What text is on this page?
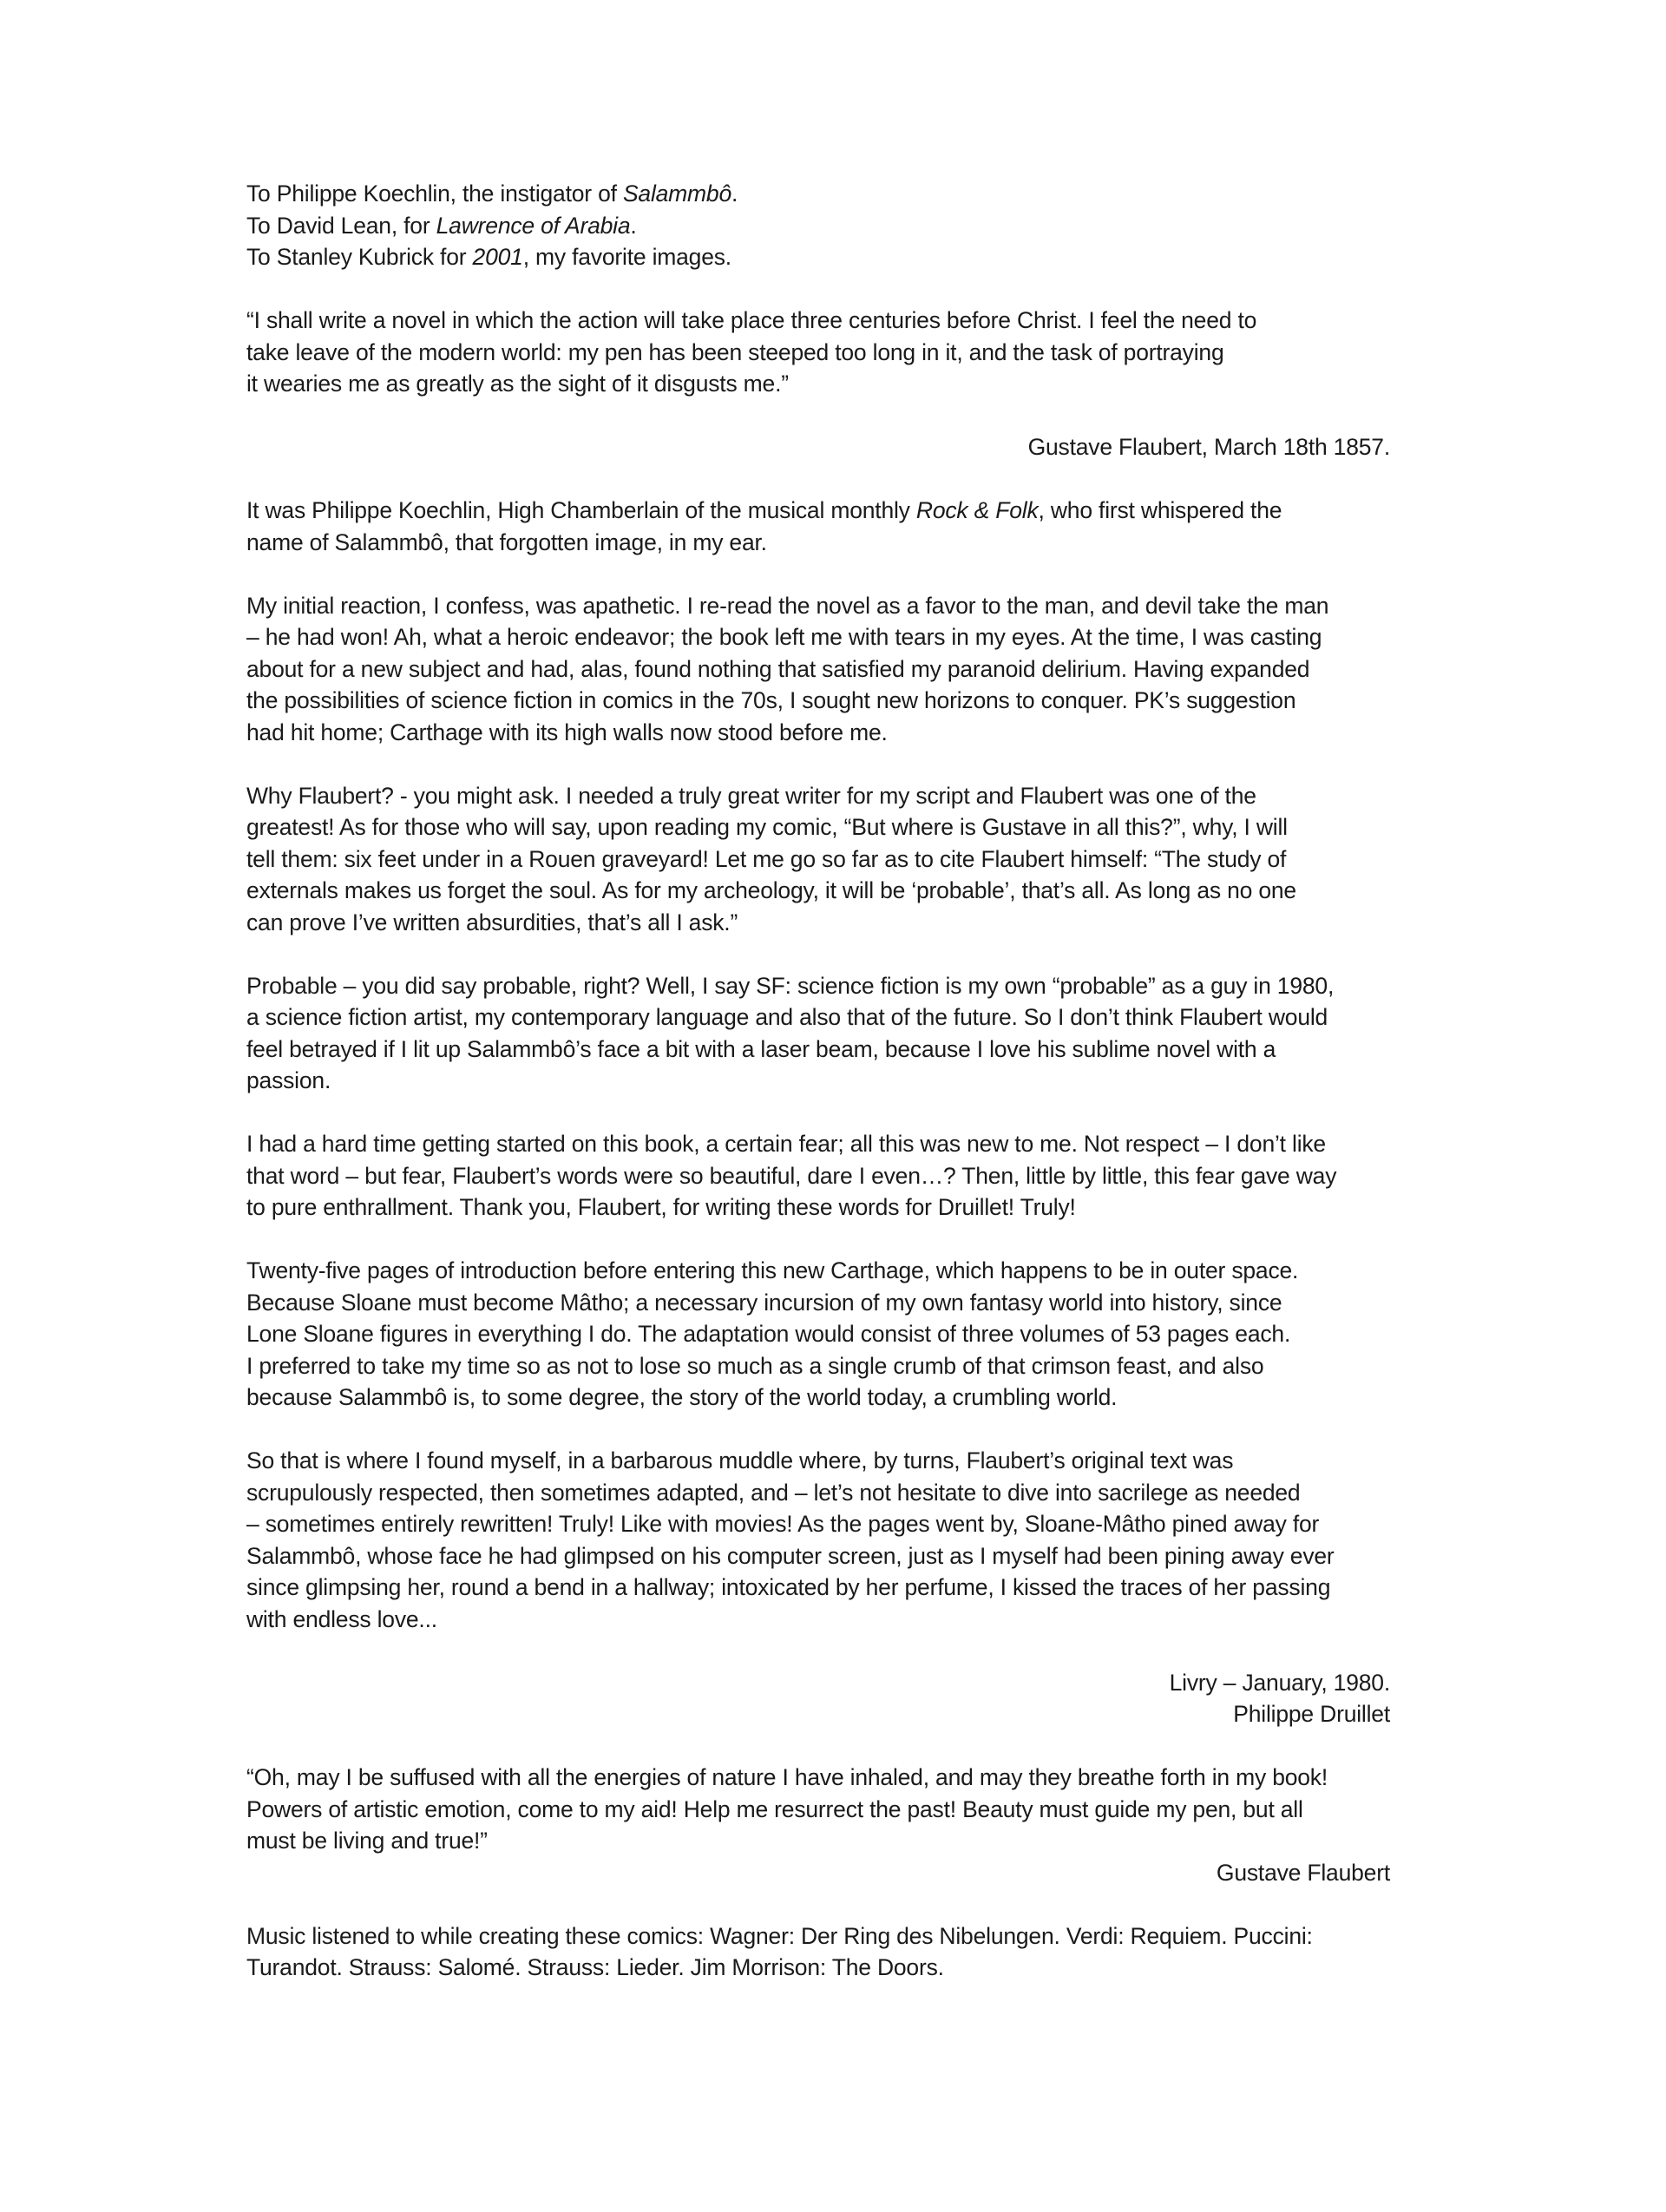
To Philippe Koechlin, the instigator of Salammbô.
To David Lean, for Lawrence of Arabia.
To Stanley Kubrick for 2001, my favorite images.

“I shall write a novel in which the action will take place three centuries before Christ. I feel the need to
take leave of the modern world: my pen has been steeped too long in it, and the task of portraying
it wearies me as greatly as the sight of it disgusts me.”

Gustave Flaubert, March 18th 1857.

It was Philippe Koechlin, High Chamberlain of the musical monthly Rock & Folk, who first whispered the
name of Salammbô, that forgotten image, in my ear.

My initial reaction, I confess, was apathetic. I re-read the novel as a favor to the man, and devil take the man
– he had won! Ah, what a heroic endeavor; the book left me with tears in my eyes. At the time, I was casting
about for a new subject and had, alas, found nothing that satisfied my paranoid delirium. Having expanded
the possibilities of science fiction in comics in the 70s, I sought new horizons to conquer. PK’s suggestion
had hit home; Carthage with its high walls now stood before me.

Why Flaubert? - you might ask. I needed a truly great writer for my script and Flaubert was one of the
greatest! As for those who will say, upon reading my comic, “But where is Gustave in all this?”, why, I will
tell them: six feet under in a Rouen graveyard! Let me go so far as to cite Flaubert himself: “The study of
externals makes us forget the soul. As for my archeology, it will be ‘probable’, that’s all. As long as no one
can prove I’ve written absurdities, that’s all I ask.”

Probable – you did say probable, right? Well, I say SF: science fiction is my own “probable” as a guy in 1980,
a science fiction artist, my contemporary language and also that of the future. So I don’t think Flaubert would
feel betrayed if I lit up Salammbô’s face a bit with a laser beam, because I love his sublime novel with a
passion.

I had a hard time getting started on this book, a certain fear; all this was new to me. Not respect – I don’t like
that word – but fear, Flaubert’s words were so beautiful, dare I even…? Then, little by little, this fear gave way
to pure enthrallment. Thank you, Flaubert, for writing these words for Druillet! Truly!

Twenty-five pages of introduction before entering this new Carthage, which happens to be in outer space.
Because Sloane must become Mâtho; a necessary incursion of my own fantasy world into history, since
Lone Sloane figures in everything I do. The adaptation would consist of three volumes of 53 pages each.
I preferred to take my time so as not to lose so much as a single crumb of that crimson feast, and also
because Salammbô is, to some degree, the story of the world today, a crumbling world.

So that is where I found myself, in a barbarous muddle where, by turns, Flaubert’s original text was
scrupulously respected, then sometimes adapted, and – let’s not hesitate to dive into sacrilege as needed
– sometimes entirely rewritten! Truly! Like with movies! As the pages went by, Sloane-Mâtho pined away for
Salammbô, whose face he had glimpsed on his computer screen, just as I myself had been pining away ever
since glimpsing her, round a bend in a hallway; intoxicated by her perfume, I kissed the traces of her passing
with endless love...

Livry – January, 1980.
Philippe Druillet

“Oh, may I be suffused with all the energies of nature I have inhaled, and may they breathe forth in my book!
Powers of artistic emotion, come to my aid! Help me resurrect the past! Beauty must guide my pen, but all
must be living and true!”

Gustave Flaubert

Music listened to while creating these comics: Wagner: Der Ring des Nibelungen. Verdi: Requiem. Puccini:
Turandot. Strauss: Salomé. Strauss: Lieder. Jim Morrison: The Doors.
